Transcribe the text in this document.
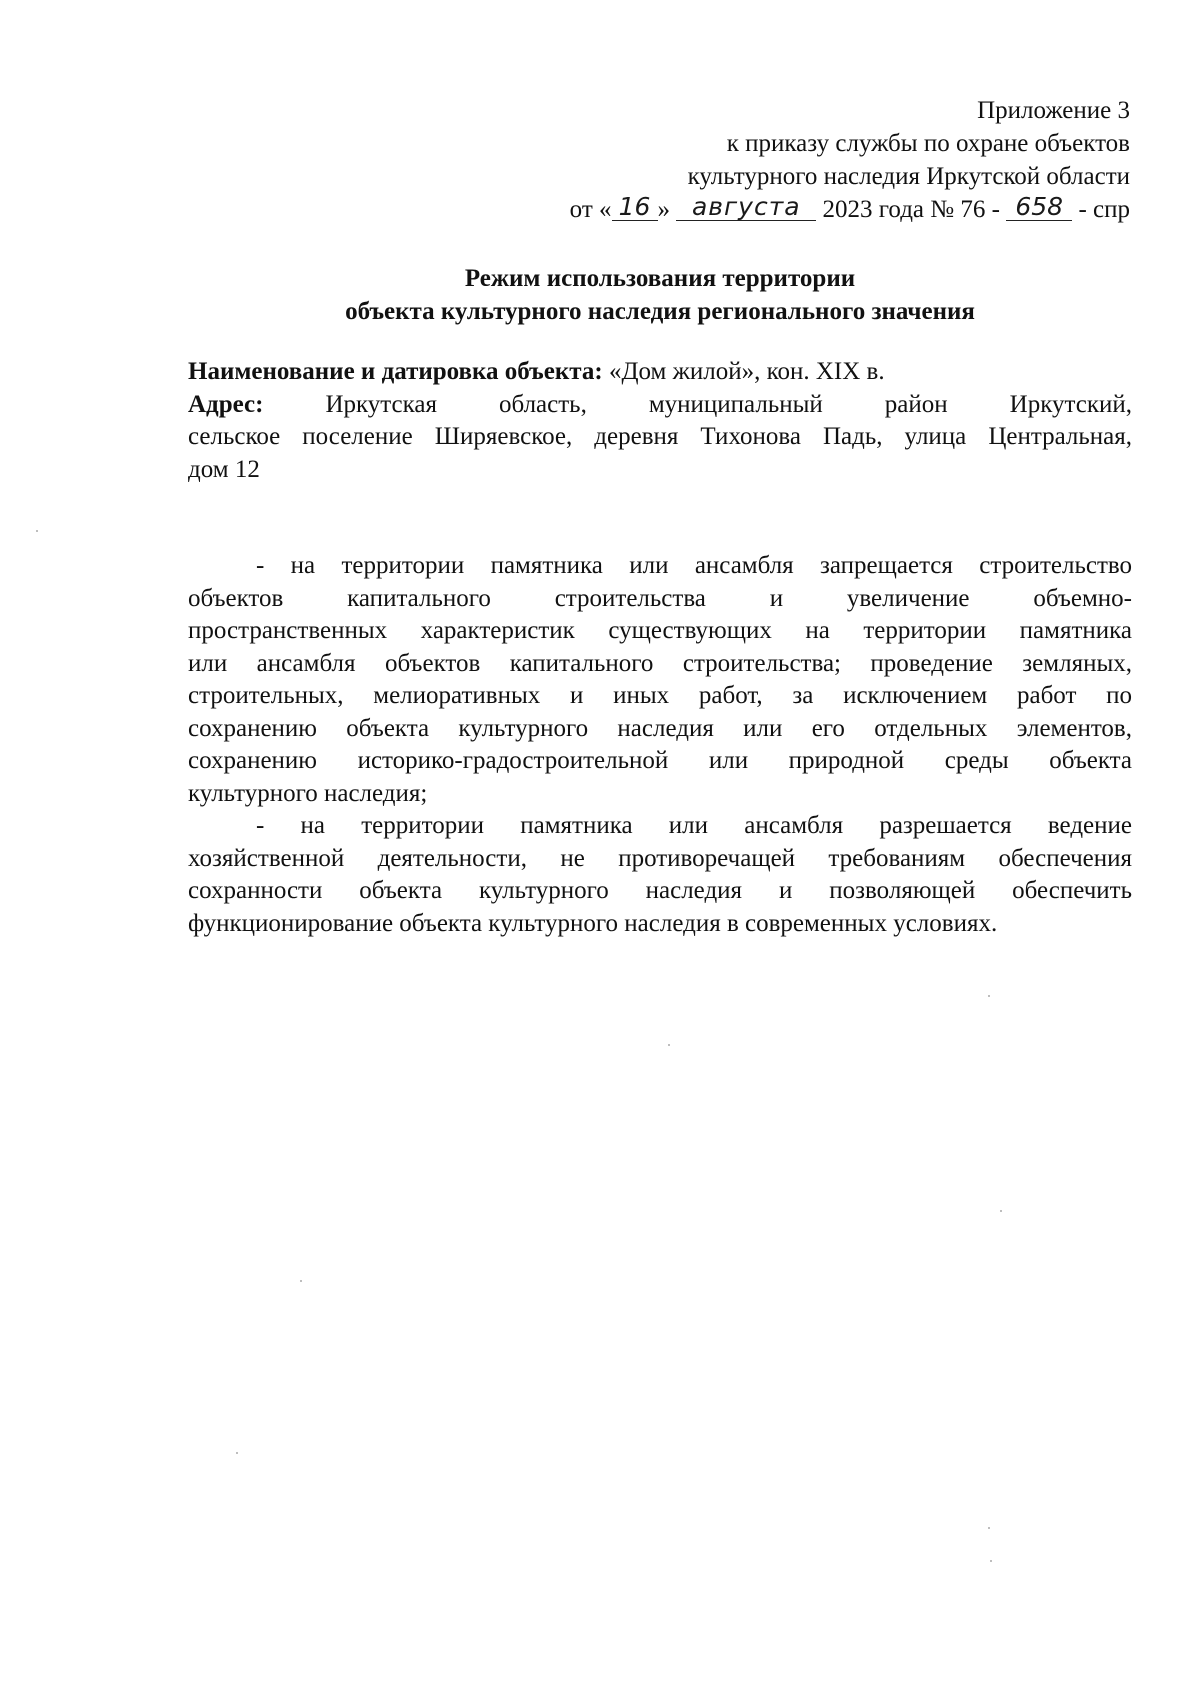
Приложение 3
к приказу службы по охране объектов
культурного наследия Иркутской области
от « 16 » августа 2023 года № 76 - 658 - спр
Режим использования территории
объекта культурного наследия регионального значения
Наименование и датировка объекта: «Дом жилой», кон. XIX в.
Адрес: Иркутская область, муниципальный район Иркутский,
сельское поселение Ширяевское, деревня Тихонова Падь, улица Центральная,
дом 12
- на территории памятника или ансамбля запрещается строительство
объектов капитального строительства и увеличение объемно-
пространственных характеристик существующих на территории памятника
или ансамбля объектов капитального строительства; проведение земляных,
строительных, мелиоративных и иных работ, за исключением работ по
сохранению объекта культурного наследия или его отдельных элементов,
сохранению историко-градостроительной или природной среды объекта
культурного наследия;
- на территории памятника или ансамбля разрешается ведение
хозяйственной деятельности, не противоречащей требованиям обеспечения
сохранности объекта культурного наследия и позволяющей обеспечить
функционирование объекта культурного наследия в современных условиях.
